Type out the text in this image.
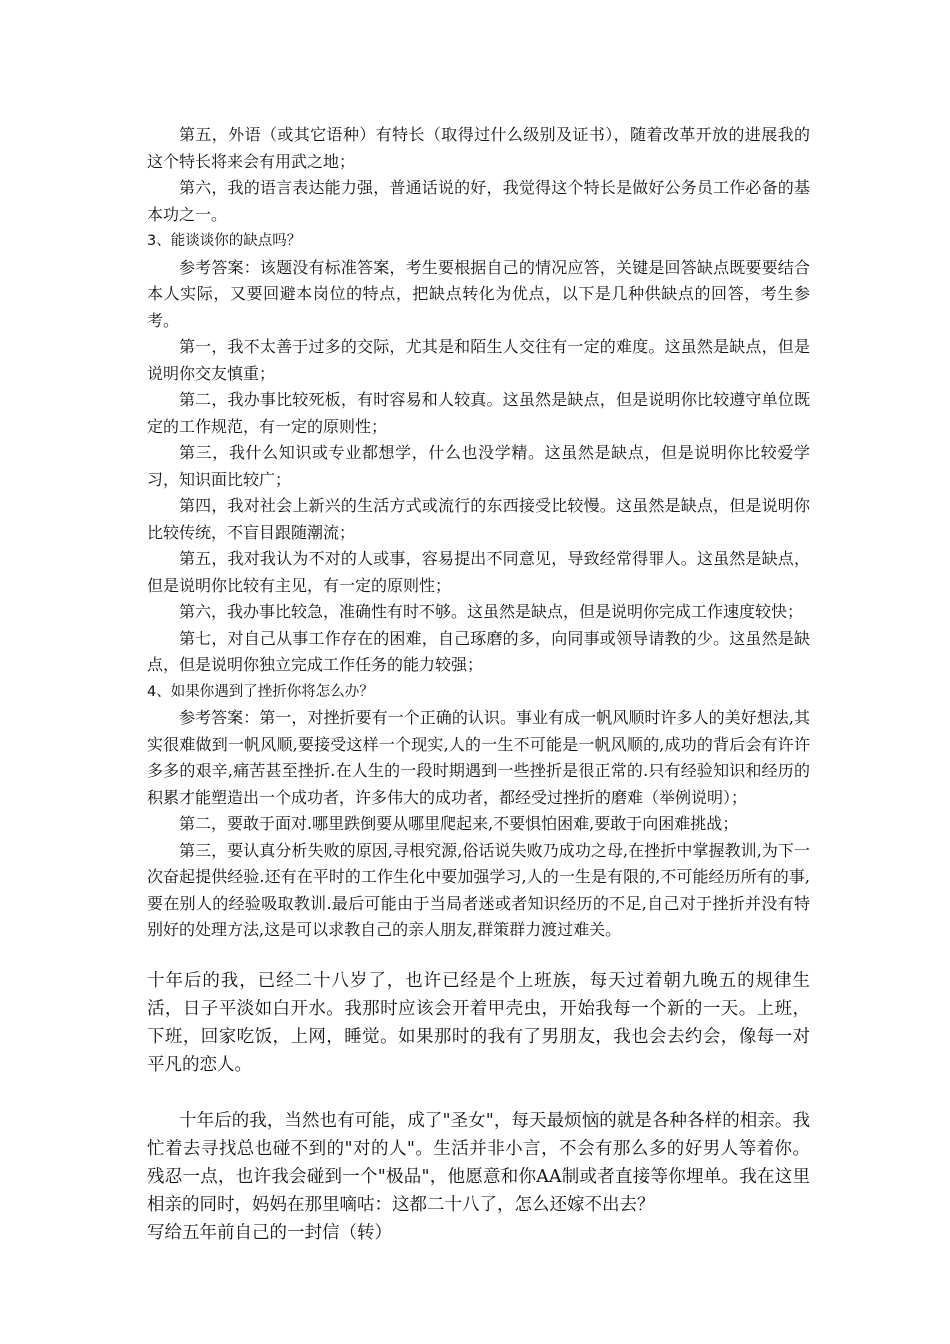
第五，外语（或其它语种）有特长（取得过什么级别及证书），随着改革开放的进展我的这个特长将来会有用武之地；

第六，我的语言表达能力强，普通话说的好，我觉得这个特长是做好公务员工作必备的基本功之一。

3、能谈谈你的缺点吗？

参考答案：该题没有标准答案，考生要根据自己的情况应答，关键是回答缺点既要要结合本人实际，又要回避本岗位的特点，把缺点转化为优点，以下是几种供缺点的回答，考生参考。

第一，我不太善于过多的交际，尤其是和陌生人交往有一定的难度。这虽然是缺点，但是说明你交友慎重；

第二，我办事比较死板，有时容易和人较真。这虽然是缺点，但是说明你比较遵守单位既定的工作规范，有一定的原则性；

第三，我什么知识或专业都想学，什么也没学精。这虽然是缺点，但是说明你比较爱学习，知识面比较广；

第四，我对社会上新兴的生活方式或流行的东西接受比较慢。这虽然是缺点，但是说明你比较传统，不盲目跟随潮流；

第五，我对我认为不对的人或事，容易提出不同意见，导致经常得罪人。这虽然是缺点，但是说明你比较有主见，有一定的原则性；

第六，我办事比较急，准确性有时不够。这虽然是缺点，但是说明你完成工作速度较快；

第七，对自己从事工作存在的困难，自己琢磨的多，向同事或领导请教的少。这虽然是缺点，但是说明你独立完成工作任务的能力较强；

4、如果你遇到了挫折你将怎么办？

参考答案：第一，对挫折要有一个正确的认识。事业有成一帆风顺时许多人的美好想法,其实很难做到一帆风顺,要接受这样一个现实,人的一生不可能是一帆风顺的,成功的背后会有许许多多的艰辛,痛苦甚至挫折.在人生的一段时期遇到一些挫折是很正常的.只有经验知识和经历的积累才能塑造出一个成功者，许多伟大的成功者，都经受过挫折的磨难（举例说明）；

第二，要敢于面对.哪里跌倒要从哪里爬起来,不要惧怕困难,要敢于向困难挑战；

第三，要认真分析失败的原因,寻根究源,俗话说失败乃成功之母,在挫折中掌握教训,为下一次奋起提供经验.还有在平时的工作生化中要加强学习,人的一生是有限的,不可能经历所有的事,要在别人的经验吸取教训.最后可能由于当局者迷或者知识经历的不足,自己对于挫折并没有特别好的处理方法,这是可以求教自己的亲人朋友,群策群力渡过难关。

十年后的我，已经二十八岁了，也许已经是个上班族，每天过着朝九晚五的规律生活，日子平淡如白开水。我那时应该会开着甲壳虫，开始我每一个新的一天。上班，下班，回家吃饭，上网，睡觉。如果那时的我有了男朋友，我也会去约会，像每一对平凡的恋人。

十年后的我，当然也有可能，成了"圣女"，每天最烦恼的就是各种各样的相亲。我忙着去寻找总也碰不到的"对的人"。生活并非小言，不会有那么多的好男人等着你。残忍一点，也许我会碰到一个"极品"，他愿意和你AA制或者直接等你埋单。我在这里相亲的同时，妈妈在那里嘀咕：这都二十八了，怎么还嫁不出去？

写给五年前自己的一封信（转）
